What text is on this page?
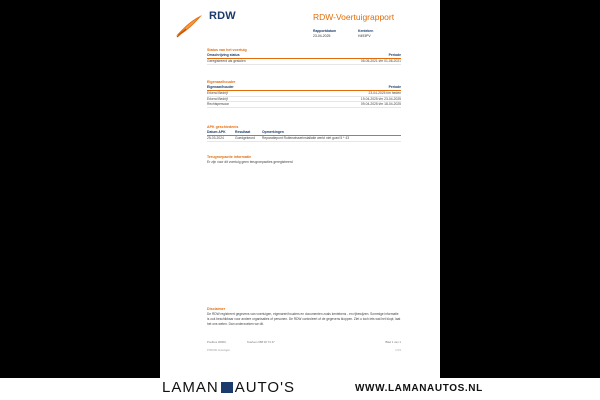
RDW	RDW-Voertuigrapport
Rapportdatum
23-04-2025
Kenteken
H493PV
Status van het voertuig
Omschrijving status	Periode
Geregistreerd als gestolen	05-05-2021 t/m 01-06-2021
Eigenaar/houder
Eigenaar/houder	Periode
Erkend Bedrijf	23-04-2025 t/m heden
Erkend Bedrijf	19-04-2025 t/m 23-04-2025
Rechtspersoon	09-04-2025 t/m 18-04-2025
APK geschiedenis
Datum APK	Resultaat	Opmerkingen
25-03-2024	Goedgekeurd	Reparatiepunt Ruitenwisserinstallatie werkt niet goed 5 * 43
Terugroepactie informatie
Er zijn voor dit voertuig geen terugroepacties geregistreerd
Disclaimer
De RDW registreert gegevens van voertuigen, eigenaren/houders en documenten zoals kentekens - en rijbewijzen. Sommige informatie is ook beschikbaar voor andere organisaties of personen. De RDW controleert of de gegevens kloppen. Ziet u toch iets wat het klopt, laat het ons weten. Dan onderzoeken we dit.
Postbus 30000,	Telefoon 088 00 73 47	Blad 1 van 1
9700 RD Groningen	1.5.5
LAMAN AUTO'S	WWW.LAMANAUTOS.NL
